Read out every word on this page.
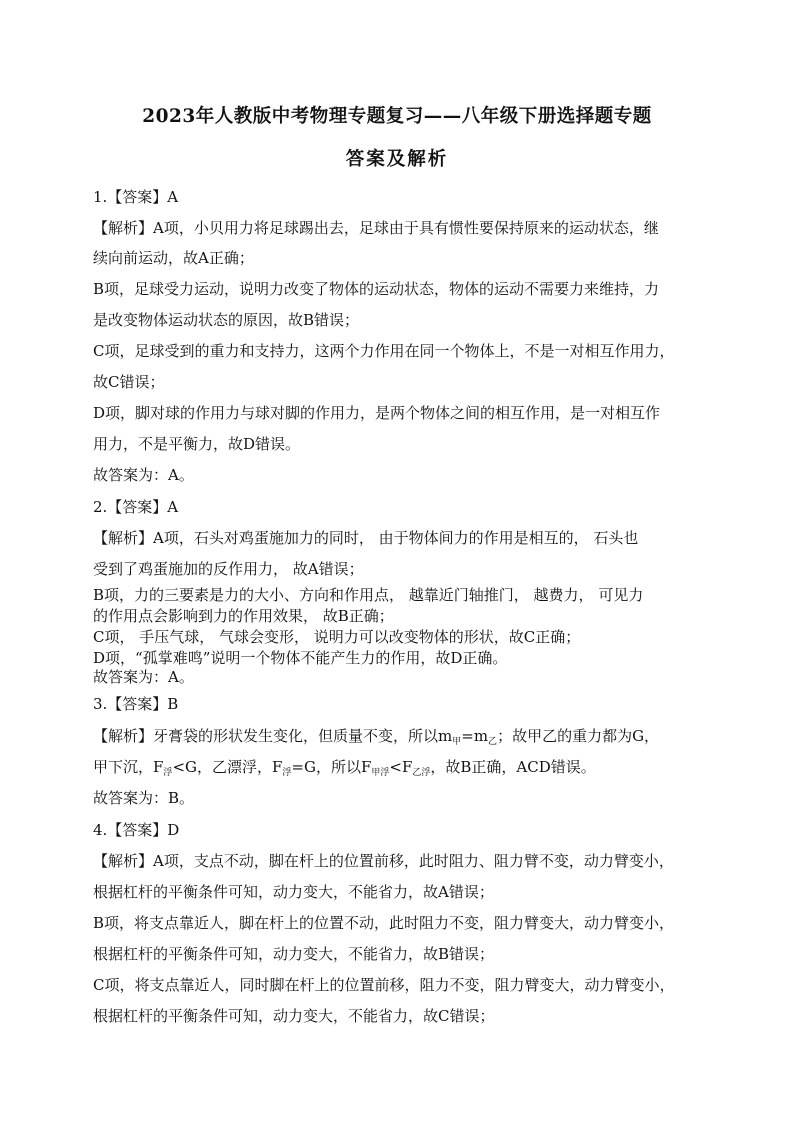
2023年人教版中考物理专题复习——八年级下册选择题专题
答案及解析
1.【答案】A
【解析】A项，小贝用力将足球踢出去，足球由于具有惯性要保持原来的运动状态，继
续向前运动，故A正确；
B项，足球受力运动，说明力改变了物体的运动状态，物体的运动不需要力来维持，力
是改变物体运动状态的原因，故B错误；
C项，足球受到的重力和支持力，这两个力作用在同一个物体上，不是一对相互作用力，
故C错误；
D项，脚对球的作用力与球对脚的作用力，是两个物体之间的相互作用，是一对相互作
用力，不是平衡力，故D错误。
故答案为：A。
2.【答案】A
【解析】A项，石头对鸡蛋施加力的同时， 由于物体间力的作用是相互的， 石头也
受到了鸡蛋施加的反作用力， 故A错误；
B项，力的三要素是力的大小、方向和作用点， 越靠近门轴推门， 越费力， 可见力
的作用点会影响到力的作用效果， 故B正确；
C项， 手压气球， 气球会变形， 说明力可以改变物体的形状，故C正确；
D项，“孤掌难鸣”说明一个物体不能产生力的作用，故D正确。
故答案为：A。
3.【答案】B
【解析】牙膏袋的形状发生变化，但质量不变，所以$m_甲=m_乙$；故甲乙的重力都为G，
甲下沉，$F_浮<G$，乙漂浮，$F_浮=G$，所以$F_{甲浮}<F_{乙浮}$，故B正确，ACD错误。
故答案为：B。
4.【答案】D
【解析】A项，支点不动，脚在杆上的位置前移，此时阻力、阻力臂不变，动力臂变小，
根据杠杆的平衡条件可知，动力变大，不能省力，故A错误；
B项，将支点靠近人，脚在杆上的位置不动，此时阻力不变，阻力臂变大，动力臂变小，
根据杠杆的平衡条件可知，动力变大，不能省力，故B错误；
C项，将支点靠近人，同时脚在杆上的位置前移，阻力不变，阻力臂变大，动力臂变小，
根据杠杆的平衡条件可知，动力变大，不能省力，故C错误；
